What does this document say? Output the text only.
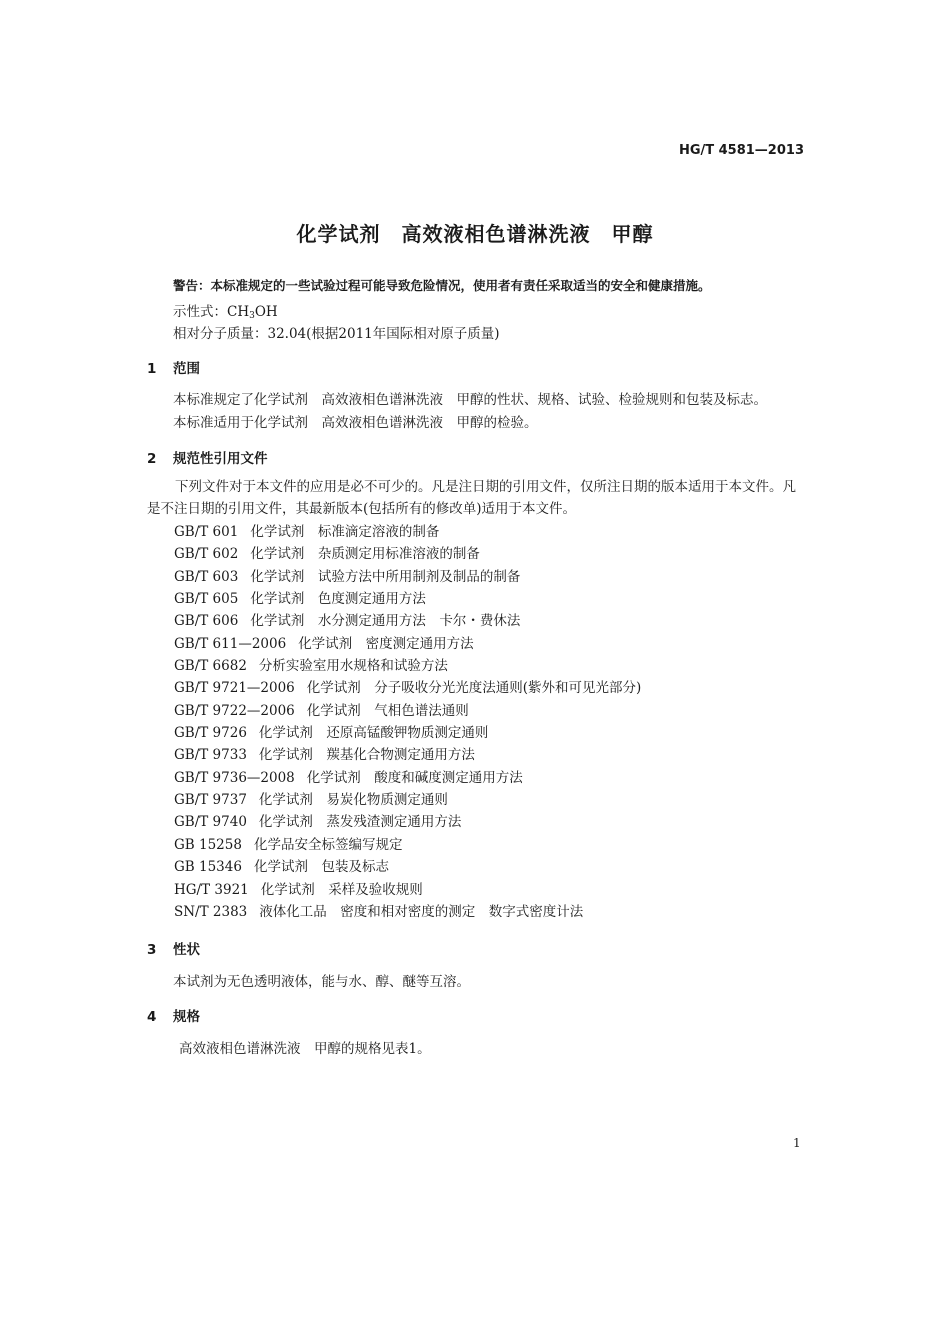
HG/T 4581—2013
化学试剂　高效液相色谱淋洗液　甲醇
警告：本标准规定的一些试验过程可能导致危险情况，使用者有责任采取适当的安全和健康措施。
示性式：$CH_3OH$
相对分子质量：32.04(根据2011年国际相对原子质量)
1 范围
本标准规定了化学试剂　高效液相色谱淋洗液　甲醇的性状、规格、试验、检验规则和包装及标志。
本标准适用于化学试剂　高效液相色谱淋洗液　甲醇的检验。
2 规范性引用文件
下列文件对于本文件的应用是必不可少的。凡是注日期的引用文件，仅所注日期的版本适用于本文件。凡是不注日期的引用文件，其最新版本(包括所有的修改单)适用于本文件。
GB/T 601 化学试剂　标准滴定溶液的制备
GB/T 602 化学试剂　杂质测定用标准溶液的制备
GB/T 603 化学试剂　试验方法中所用制剂及制品的制备
GB/T 605 化学试剂　色度测定通用方法
GB/T 606 化学试剂　水分测定通用方法　卡尔・费休法
GB/T 611—2006 化学试剂　密度测定通用方法
GB/T 6682 分析实验室用水规格和试验方法
GB/T 9721—2006 化学试剂　分子吸收分光光度法通则(紫外和可见光部分)
GB/T 9722—2006 化学试剂　气相色谱法通则
GB/T 9726 化学试剂　还原高锰酸钾物质测定通则
GB/T 9733 化学试剂　羰基化合物测定通用方法
GB/T 9736—2008 化学试剂　酸度和碱度测定通用方法
GB/T 9737 化学试剂　易炭化物质测定通则
GB/T 9740 化学试剂　蒸发残渣测定通用方法
GB 15258 化学品安全标签编写规定
GB 15346 化学试剂　包装及标志
HG/T 3921 化学试剂　采样及验收规则
SN/T 2383 液体化工品　密度和相对密度的测定　数字式密度计法
3 性状
本试剂为无色透明液体，能与水、醇、醚等互溶。
4 规格
高效液相色谱淋洗液　甲醇的规格见表1。
1
